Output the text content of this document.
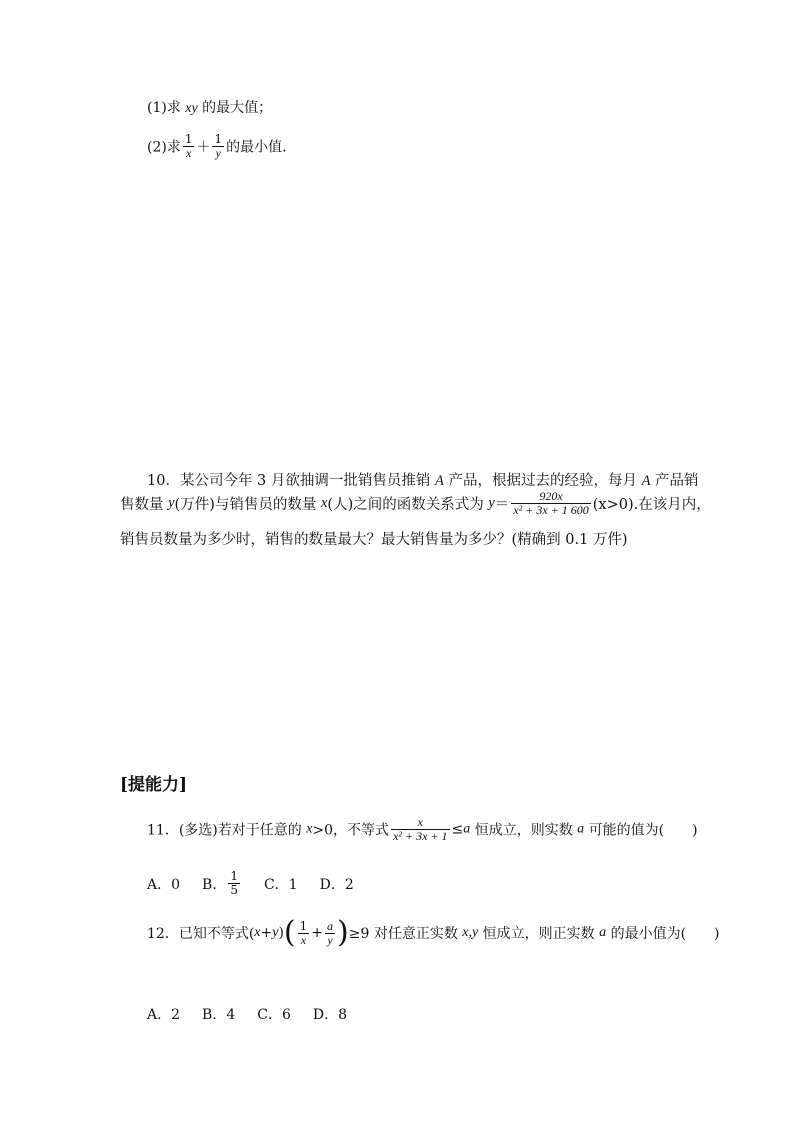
(1)求 xy 的最大值；
(2)求 $\frac{1}{x} + \frac{1}{y}$ 的最小值．
10．某公司今年 3 月欲抽调一批销售员推销 A 产品，根据过去的经验，每月 A 产品销
售数量 y(万件)与销售员的数量 x(人)之间的函数关系式为 $y= \frac{920x}{\text{x² + 3x + 1 600}} (x>0)$.在该月内，
销售员数量为多少时，销售的数量最大？最大销售量为多少？(精确到 0.1 万件)
[提能力]
11．(多选)若对于任意的 x>0，不等式 $\frac{x}{\text{x² + 3x + 1}} \le a$ 恒成立，则实数 a 可能的值为(　　)
A．0 B． $\frac{1}{5}$ C．1 D．2
12．已知不等式$(x+y)( \frac{1}{x} + \frac{a}{y} )\ge 9$ 对任意正实数 x,y 恒成立，则正实数 a 的最小值为(　　)
A．2 B．4 C．6 D．8
